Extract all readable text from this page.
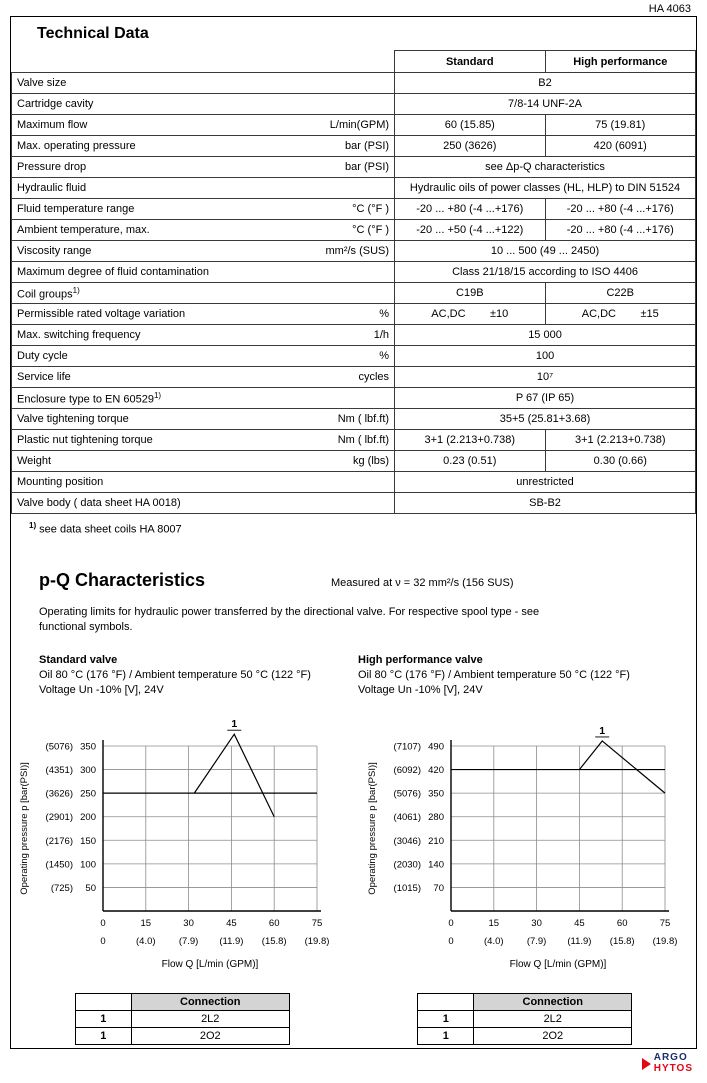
HA 4063
Technical Data
	Standard	High performance

Valve size	B2	

Cartridge cavity	7/8-14 UNF-2A	

Maximum flow L/min(GPM)	60 (15.85)	75 (19.81)

Max. operating pressure bar (PSI)	250 (3626)	420 (6091)

Pressure drop bar (PSI)	see Δp-Q characteristics	

Hydraulic fluid	Hydraulic oils of power classes (HL, HLP) to DIN 51524	

Fluid temperature range °C (°F )	-20 ... +80 (-4 ...+176)	-20 ... +80 (-4 ...+176)

Ambient temperature, max. °C (°F )	-20 ... +50 (-4 ...+122)	-20 ... +80 (-4 ...+176)

Viscosity range mm²/s (SUS)	10 ... 500 (49 ... 2450)	

Maximum degree of fluid contamination	Class 21/18/15 according to ISO 4406	

Coil groups$^{1)}$	C19B	C22B

Permissible rated voltage variation %	AC,DC        ±10	AC,DC        ±15

Max. switching frequency 1/h	15 000	

Duty cycle %	100	

Service life cycles	10⁷	

Enclosure type to EN 60529$^{1)}$	P 67 (IP 65)	

Valve tightening torque Nm ( lbf.ft)	35+5 (25.81+3.68)	

Plastic nut tightening torque Nm ( lbf.ft)	3+1 (2.213+0.738)	3+1 (2.213+0.738)

Weight kg (lbs)	0.23 (0.51)	0.30 (0.66)

Mounting position	unrestricted	

Valve body ( data sheet HA 0018)	SB-B2	
$^{1)}$ see data sheet coils HA 8007
p-Q Characteristics	Measured at ν = 32 mm²/s (156 SUS)
Operating limits for hydraulic power transferred by the directional valve. For respective spool type - see
functional symbols.
Standard valve
Oil 80 °C (176 °F) / Ambient temperature 50 °C (122 °F)
Voltage Un -10% [V], 24V
High performance valve
Oil 80 °C (176 °F) / Ambient temperature 50 °C (122 °F)
Voltage Un -10% [V], 24V
0
0
15
(4.0)
30
(7.9)
45
(11.9)
60
(15.8)
75
(19.8)
(725) 50
(1450) 100
(2176) 150
(2901) 200
(3626) 250
(4351) 300
(5076) 350
1
Operating pressure p [bar(PSI)]
Flow Q [L/min (GPM)]
0
0
15
(4.0)
30
(7.9)
45
(11.9)
60
(15.8)
75
(19.8)
(1015) 70
(2030) 140
(3046) 210
(4061) 280
(5076) 350
(6092) 420
(7107) 490
1
Operating pressure p [bar(PSI)]
Flow Q [L/min (GPM)]
	Connection
1	2L2
1	2O2
	Connection
1	2L2
1	2O2
ARGO
HYTOS
